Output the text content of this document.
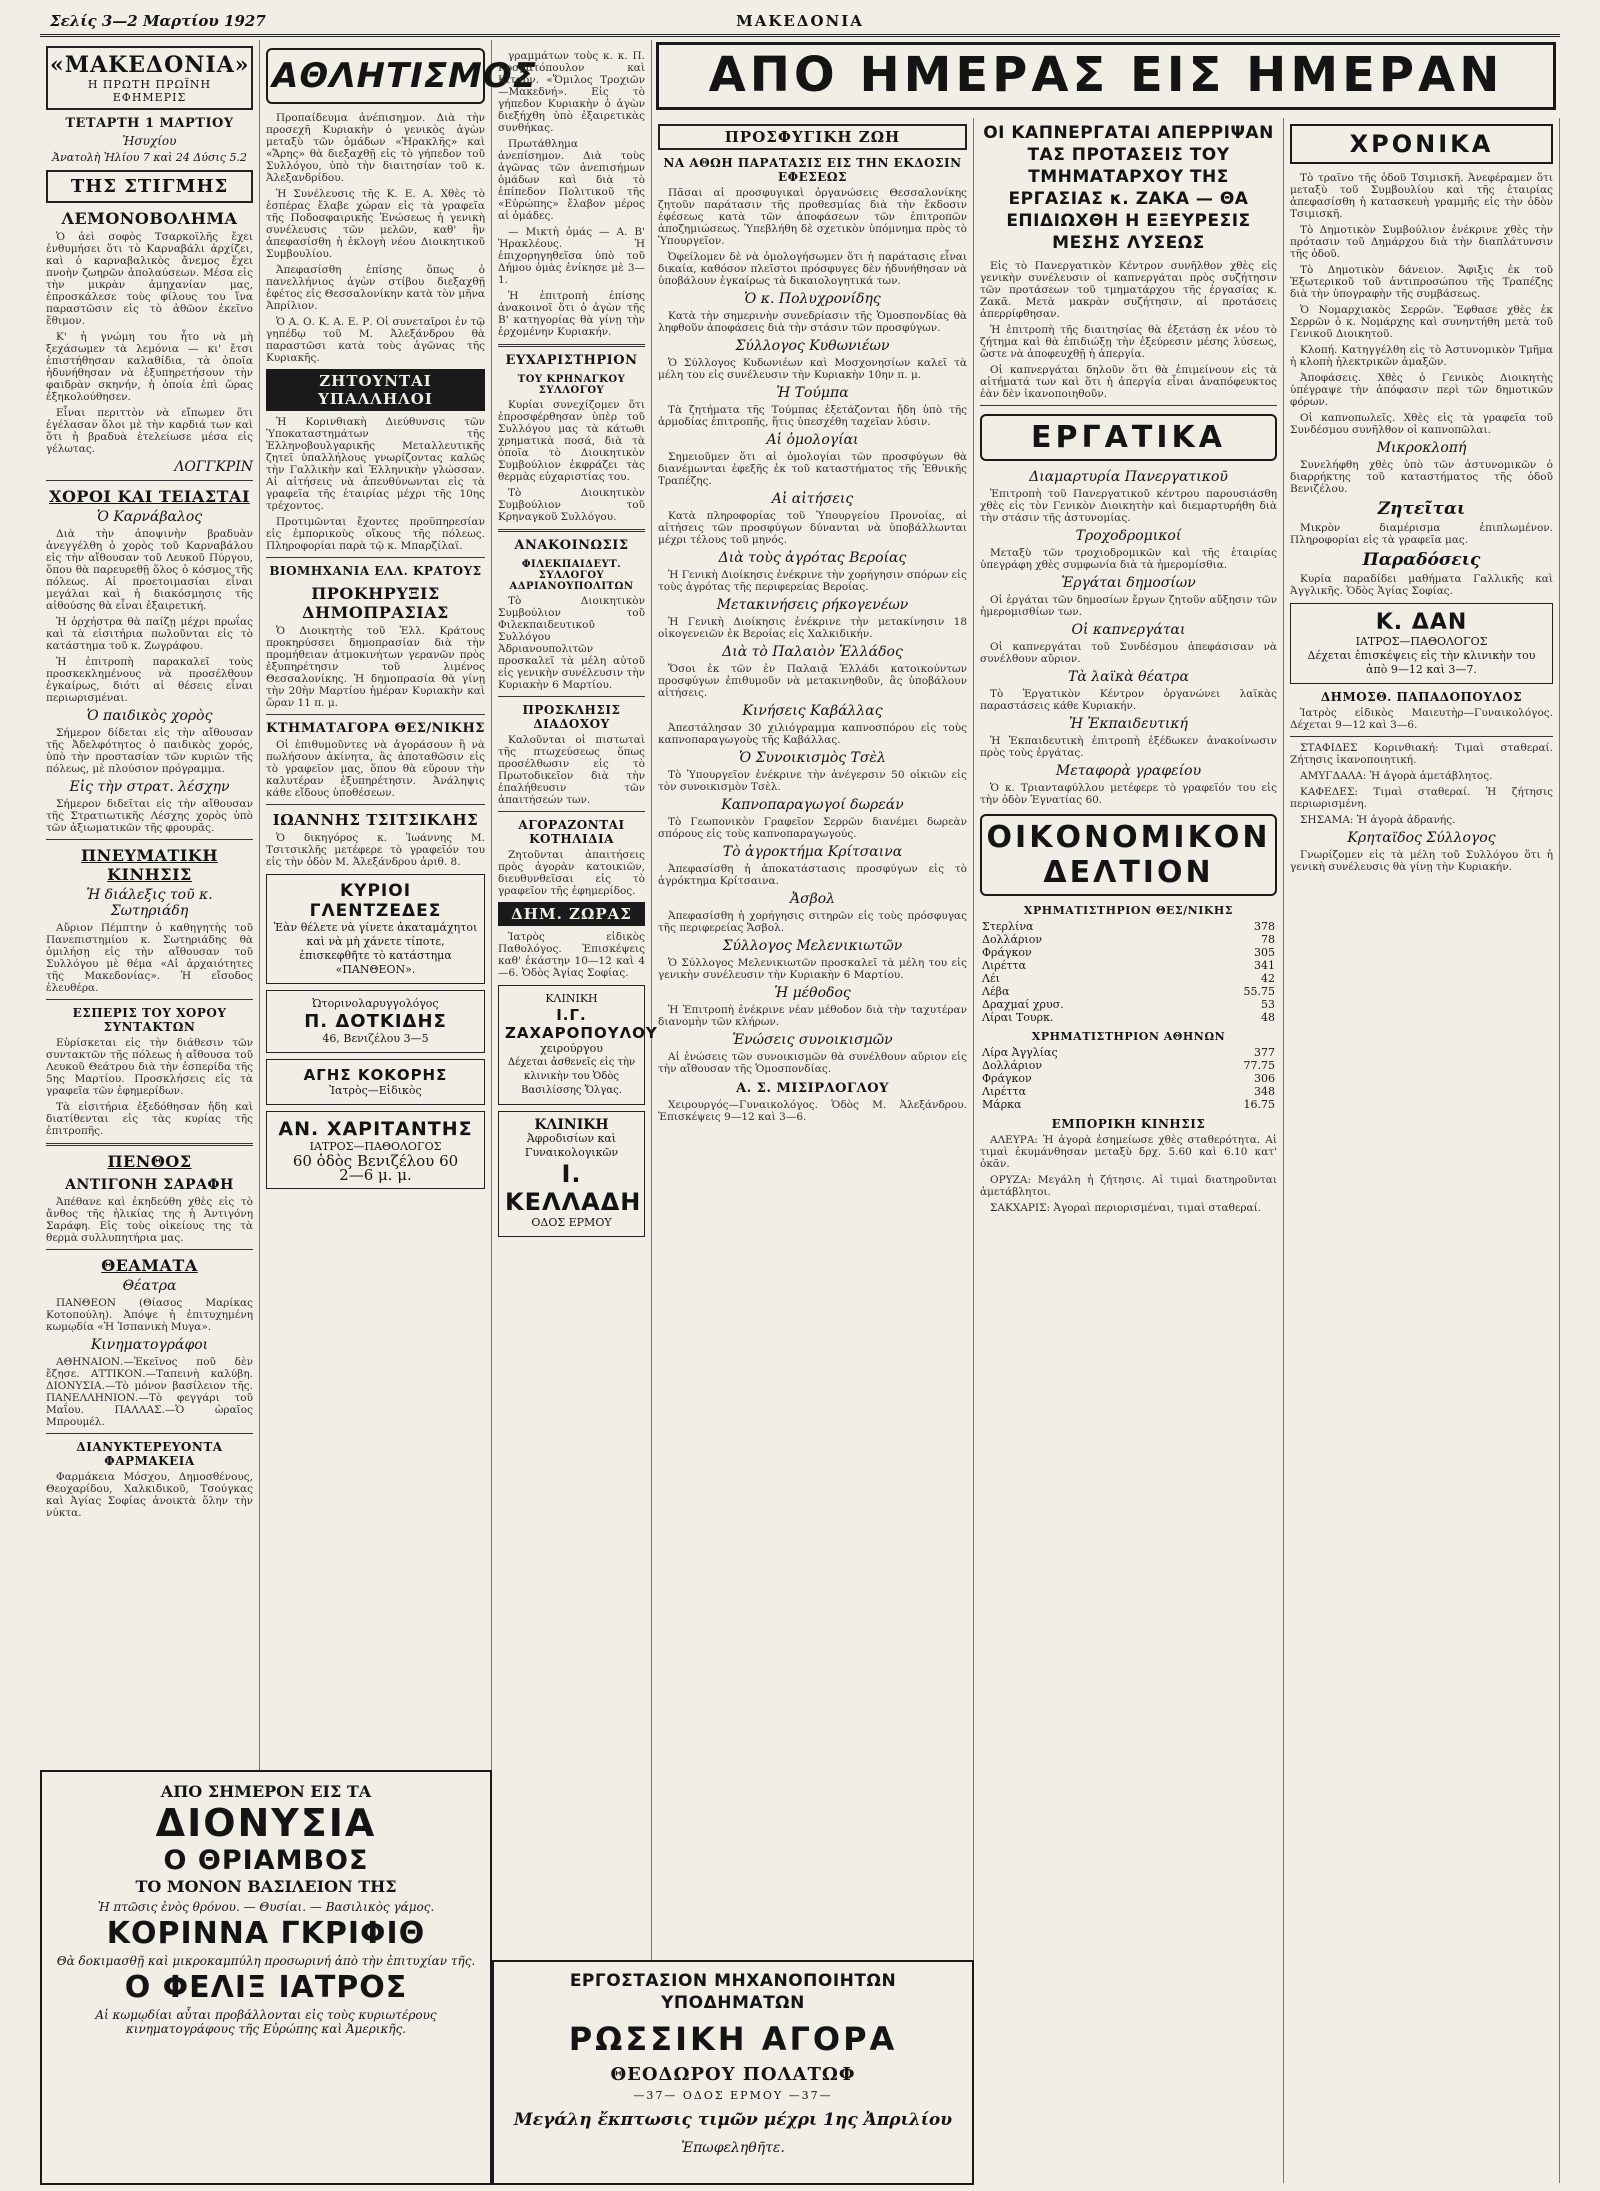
Σελίς 3—2 Μαρτίου 1927	ΜΑΚΕΔΟΝΙΑ
«ΜΑΚΕΔΟΝΙΑ»
Η ΠΡΩΤΗ ΠΡΩΪΝΗ ΕΦΗΜΕΡΙΣ
ΤΕΤΑΡΤΗ 1 ΜΑΡΤΙΟΥ
Ἡσυχίου
Ἀνατολὴ Ἡλίου 7 καὶ 24 Δύσις 5.2
ΤΗΣ ΣΤΙΓΜΗΣ
ΛΕΜΟΝΟΒΟΛΗΜΑ

Ὁ ἀεὶ σοφὸς Τσαρκοϊλῆς ἔχει ἐνθυμήσει ὅτι τὸ Καρναβάλι ἀρχίζει, καὶ ὁ καρναβαλικὸς ἄνεμος ἔχει πνοὴν ζωηρῶν ἀπολαύσεων. Μέσα εἰς τὴν μικρὰν ἀμηχανίαν μας, ἐπροσκάλεσε τοὺς φίλους του ἵνα παραστῶσιν εἰς τὸ ἀθῶον ἐκεῖνο ἔθιμον.

Κ' ἡ γνώμη του ἦτο νὰ μὴ ξεχάσωμεν τὰ λεμόνια — κι' ἔτσι ἐπιστήθησαν καλαθίδια, τὰ ὁποῖα ἠδυνήθησαν νὰ ἐξυπηρετήσουν τὴν φαιδρὰν σκηνήν, ἡ ὁποία ἐπὶ ὥρας ἐξηκολούθησεν.

Εἶναι περιττὸν νὰ εἴπωμεν ὅτι ἐγέλασαν ὅλοι μὲ τὴν καρδιά των καὶ ὅτι ἡ βραδυὰ ἐτελείωσε μέσα εἰς γέλωτας.

ΛΟΓΓΚΡΙΝ
ΧΟΡΟΙ ΚΑΙ ΤΕΙΑΣΤΑΙ
Ὁ Καρνάβαλος

Διὰ τὴν ἀποψινὴν βραδυὰν ἀνεγγέλθη ὁ χορὸς τοῦ Καρναβάλου εἰς τὴν αἴθουσαν τοῦ Λευκοῦ Πύργου, ὅπου θὰ παρευρεθῇ ὅλος ὁ κόσμος τῆς πόλεως. Αἱ προετοιμασίαι εἶναι μεγάλαι καὶ ἡ διακόσμησις τῆς αἰθούσης θὰ εἶναι ἐξαιρετική.

Ἡ ὀρχήστρα θὰ παίζῃ μέχρι πρωΐας καὶ τὰ εἰσιτήρια πωλοῦνται εἰς τὸ κατάστημα τοῦ κ. Ζωγράφου.

Ἡ ἐπιτροπὴ παρακαλεῖ τοὺς προσκεκλημένους νὰ προσέλθουν ἐγκαίρως, διότι αἱ θέσεις εἶναι περιωρισμέναι.

Ὁ παιδικὸς χορὸς

Σήμερον δίδεται εἰς τὴν αἴθουσαν τῆς Ἀδελφότητος ὁ παιδικὸς χορός, ὑπὸ τὴν προστασίαν τῶν κυριῶν τῆς πόλεως, μὲ πλούσιον πρόγραμμα.

Εἰς τὴν στρατ. λέσχην

Σήμερον διδεῖται εἰς τὴν αἴθουσαν τῆς Στρατιωτικῆς Λέσχης χορὸς ὑπὸ τῶν ἀξιωματικῶν τῆς φρουρᾶς.

ΠΝΕΥΜΑΤΙΚΗ ΚΙΝΗΣΙΣ
Ἡ διάλεξις τοῦ κ. Σωτηριάδη

Αὔριον Πέμπτην ὁ καθηγητὴς τοῦ Πανεπιστημίου κ. Σωτηριάδης θὰ ὁμιλήσῃ εἰς τὴν αἴθουσαν τοῦ Συλλόγου μὲ θέμα «Αἱ ἀρχαιότητες τῆς Μακεδονίας». Ἡ εἴσοδος ἐλευθέρα.

ΕΣΠΕΡΙΣ ΤΟΥ ΧΟΡΟΥ ΣΥΝΤΑΚΤΩΝ

Εὑρίσκεται εἰς τὴν διάθεσιν τῶν συντακτῶν τῆς πόλεως ἡ αἴθουσα τοῦ Λευκοῦ Θεάτρου διὰ τὴν ἐσπερίδα τῆς 5ης Μαρτίου. Προσκλήσεις εἰς τὰ γραφεῖα τῶν ἐφημερίδων.

Τὰ εἰσιτήρια ἐξεδόθησαν ἤδη καὶ διατίθενται εἰς τὰς κυρίας τῆς ἐπιτροπῆς.

ΠΕΝΘΟΣ
ΑΝΤΙΓΟΝΗ ΣΑΡΑΦΗ

Ἀπέθανε καὶ ἐκηδεύθη χθὲς εἰς τὸ ἄνθος τῆς ἡλικίας της ἡ Ἀντιγόνη Σαράφη. Εἰς τοὺς οἰκείους της τὰ θερμὰ συλλυπητήρια μας.

ΘΕΑΜΑΤΑ
Θέατρα

ΠΑΝΘΕΟΝ (Θίασος Μαρίκας Κοτοπούλη). Ἀπόψε ἡ ἐπιτυχημένη κωμῳδία «Ἡ Ἰσπανικὴ Μυγα».

Κινηματογράφοι

ΑΘΗΝΑΙΟΝ.—Ἐκεῖνος ποῦ δὲν ἔζησε. ΑΤΤΙΚΟΝ.—Ταπεινὴ καλύβη. ΔΙΟΝΥΣΙΑ.—Τὸ μόνον βασίλειον τῆς. ΠΑΝΕΛΛΗΝΙΟΝ.—Τὸ φεγγάρι τοῦ Μαΐου. ΠΑΛΛΑΣ.—Ὁ ὡραῖος Μπρουμέλ.

ΔΙΑΝΥΚΤΕΡΕΥΟΝΤΑ ΦΑΡΜΑΚΕΙΑ

Φαρμάκεια Μόσχου, Δημοσθένους, Θεοχαρίδου, Χαλκιδικοῦ, Τσούγκας καὶ Ἀγίας Σοφίας ἀνοικτὰ ὅλην τὴν νύκτα.

ΑΘΛΗΤΙΣΜΟΣ

Προπαίδευμα ἀνέπισημον. Διὰ τὴν προσεχῆ Κυριακὴν ὁ γενικὸς ἀγὼν μεταξὺ τῶν ὁμάδων «Ἡρακλῆς» καὶ «Ἄρης» θὰ διεξαχθῇ εἰς τὸ γήπεδον τοῦ Συλλόγου, ὑπὸ τὴν διαιτησίαν τοῦ κ. Ἀλεξανδρίδου.

Ἡ Συνέλευσις τῆς Κ. Ε. Α. Χθὲς τὸ ἑσπέρας ἔλαβε χώραν εἰς τὰ γραφεῖα τῆς Ποδοσφαιρικῆς Ἑνώσεως ἡ γενικὴ συνέλευσις τῶν μελῶν, καθ' ἣν ἀπεφασίσθη ἡ ἐκλογὴ νέου Διοικητικοῦ Συμβουλίου.

Ἀπεφασίσθη ἐπίσης ὅπως ὁ πανελλήνιος ἀγὼν στίβου διεξαχθῇ ἐφέτος εἰς Θεσσαλονίκην κατὰ τὸν μῆνα Ἀπρίλιον.

Ὁ Α. Ο. Κ. Α. Ε. Ρ. Οἱ συνεταῖροι ἐν τῷ γηπέδῳ τοῦ Μ. Ἀλεξάνδρου θὰ παραστῶσι κατὰ τοὺς ἀγῶνας τῆς Κυριακῆς.

ΖΗΤΟΥΝΤΑΙ ΥΠΑΛΛΗΛΟΙ

Ἡ Κορινθιακὴ Διεύθυνσις τῶν Ὑποκαταστημάτων τῆς Ἑλληνοβουλγαρικῆς Μεταλλευτικῆς ζητεῖ ὑπαλλήλους γνωρίζοντας καλῶς τὴν Γαλλικὴν καὶ Ἑλληνικὴν γλώσσαν. Αἱ αἰτήσεις νὰ ἀπευθύνωνται εἰς τὰ γραφεῖα τῆς ἑταιρίας μέχρι τῆς 10ης τρέχοντος.

Προτιμῶνται ἔχοντες προϋπηρεσίαν εἰς ἐμπορικοὺς οἴκους τῆς πόλεως. Πληροφορίαι παρὰ τῷ κ. Μπαρζίλαϊ.

ΒΙΟΜΗΧΑΝΙΑ ΕΛΛ. ΚΡΑΤΟΥΣ
ΠΡΟΚΗΡΥΞΙΣ ΔΗΜΟΠΡΑΣΙΑΣ

Ὁ Διοικητὴς τοῦ Ἐλλ. Κράτους προκηρύσσει δημοπρασίαν διὰ τὴν προμήθειαν ἀτμοκινήτων γερανῶν πρὸς ἐξυπηρέτησιν τοῦ λιμένος Θεσσαλονίκης. Ἡ δημοπρασία θὰ γίνῃ τὴν 20ὴν Μαρτίου ἡμέραν Κυριακὴν καὶ ὥραν 11 π. μ.

ΚΤΗΜΑΤΑΓΟΡΑ ΘΕΣ/ΝΙΚΗΣ

Οἱ ἐπιθυμοῦντες νὰ ἀγοράσουν ἢ νὰ πωλήσουν ἀκίνητα, ἂς ἀποταθῶσιν εἰς τὸ γραφεῖον μας, ὅπου θὰ εὕρουν τὴν καλυτέραν ἐξυπηρέτησιν. Ἀνάληψις κάθε εἴδους ὑποθέσεων.

ΙΩΑΝΝΗΣ ΤΣΙΤΣΙΚΛΗΣ

Ὁ δικηγόρος κ. Ἰωάννης Μ. Τσιτσικλῆς μετέφερε τὸ γραφεῖόν του εἰς τὴν ὁδὸν Μ. Ἀλεξάνδρου ἀριθ. 8.

ΚΥΡΙΟΙ ΓΛΕΝΤΖΕΔΕΣ
Ἐὰν θέλετε νὰ γίνετε ἀκαταμάχητοι καὶ νὰ μὴ χάνετε τίποτε, ἐπισκεφθῆτε τὸ κατάστημα «ΠΑΝΘΕΟΝ».
Ὠτορινολαρυγγολόγος
Π. ΔΟΤΚΙΔΗΣ
46, Βενιζέλου 3—5
ΑΓΗΣ ΚΟΚΟΡΗΣ
Ἰατρὸς—Εἰδικὸς
ΑΝ. ΧΑΡΙΤΑΝΤΗΣ
ΙΑΤΡΟΣ—ΠΑΘΟΛΟΓΟΣ
60 ὁδὸς Βενιζέλου 60
2—6 μ. μ.

γραμμάτων τοὺς κ. κ. Π. Κοσματόπουλον καὶ Κίτσον. «Ὅμιλος Τροχιῶν—Μακεδνή». Εἰς τὸ γήπεδον Κυριακὴν ὁ ἀγὼν διεξήχθη ὑπὸ ἐξαιρετικὰς συνθήκας.

Πρωτάθλημα ἀνεπίσημον. Διὰ τοὺς ἀγῶνας τῶν ἀνεπισήμων ὁμάδων καὶ διὰ τὸ ἐπίπεδον Πολιτικοῦ τῆς «Εὐρώπης» ἔλαβον μέρος αἱ ὁμάδες.

— Μικτὴ ὁμάς — Α. Β' Ἡρακλέους. Ἡ ἐπιχορηγηθεῖσα ὑπὸ τοῦ Δήμου ὁμὰς ἐνίκησε μὲ 3—1.

Ἡ ἐπιτροπὴ ἐπίσης ἀνακοινοῖ ὅτι ὁ ἀγὼν τῆς Β' κατηγορίας θὰ γίνῃ τὴν ἐρχομένην Κυριακήν.

ΕΥΧΑΡΙΣΤΗΡΙΟΝ
ΤΟΥ ΚΡΗΝΑΓΚΟΥ ΣΥΛΛΟΓΟΥ

Κυρίαι συνεχίζομεν ὅτι ἐπροσφέρθησαν ὑπὲρ τοῦ Συλλόγου μας τὰ κάτωθι χρηματικὰ ποσά, διὰ τὰ ὁποῖα τὸ Διοικητικὸν Συμβούλιον ἐκφράζει τὰς θερμὰς εὐχαριστίας του.

Τὸ Διοικητικὸν Συμβούλιον τοῦ Κρηναγκοῦ Συλλόγου.

ΑΝΑΚΟΙΝΩΣΙΣ
ΦΙΛΕΚΠΑΙΔΕΥΤ. ΣΥΛΛΟΓΟΥ ΑΔΡΙΑΝΟΥΠΟΛΙΤΩΝ

Τὸ Διοικητικὸν Συμβούλιον τοῦ Φιλεκπαιδευτικοῦ Συλλόγου Ἀδριανουπολιτῶν προσκαλεῖ τὰ μέλη αὐτοῦ εἰς γενικὴν συνέλευσιν τὴν Κυριακὴν 6 Μαρτίου.

ΠΡΟΣΚΛΗΣΙΣ ΔΙΑΔΟΧΟΥ

Καλοῦνται οἱ πιστωταὶ τῆς πτωχεύσεως ὅπως προσέλθωσιν εἰς τὸ Πρωτοδικεῖον διὰ τὴν ἐπαλήθευσιν τῶν ἀπαιτήσεών των.

ΑΓΟΡΑΖΟΝΤΑΙ ΚΟΤΗΛΙΔΙΑ

Ζητοῦνται ἀπαιτήσεις πρὸς ἀγορὰν κατοικιῶν, διευθυνθεῖσαι εἰς τὸ γραφεῖον τῆς ἐφημερίδος.

ΔΗΜ. ΖΩΡΑΣ

Ἰατρὸς εἰδικὸς Παθολόγος. Ἐπισκέψεις καθ' ἑκάστην 10—12 καὶ 4—6. Ὁδὸς Ἀγίας Σοφίας.

ΚΛΙΝΙΚΗ
Ι.Γ. ΖΑΧΑΡΟΠΟΥΛΟΥ
χειρούργου
Δέχεται ἀσθενεῖς εἰς τὴν κλινικὴν του Ὁδὸς Βασιλίσσης Ὄλγας.
ΚΛΙΝΙΚΗ
Ἀφροδισίων καὶ Γυναικολογικῶν
Ι. ΚΕΛΛΑΔΗ
ΟΔΟΣ ΕΡΜΟΥ
ΑΠΟ ΗΜΕΡΑΣ ΕΙΣ ΗΜΕΡΑΝ
ΠΡΟΣΦΥΓΙΚΗ ΖΩΗ
ΝΑ ΑΘΩΗ ΠΑΡΑΤΑΣΙΣ ΕΙΣ ΤΗΝ ΕΚΔΟΣΙΝ ΕΦΕΣΕΩΣ

Πᾶσαι αἱ προσφυγικαὶ ὀργανώσεις Θεσσαλονίκης ζητοῦν παράτασιν τῆς προθεσμίας διὰ τὴν ἔκδοσιν ἐφέσεως κατὰ τῶν ἀποφάσεων τῶν ἐπιτροπῶν ἀποζημιώσεως. Ὑπεβλήθη δὲ σχετικὸν ὑπόμνημα πρὸς τὸ Ὑπουργεῖον.

Ὀφείλομεν δὲ νὰ ὁμολογήσωμεν ὅτι ἡ παράτασις εἶναι δικαία, καθόσον πλεῖστοι πρόσφυγες δὲν ἠδυνήθησαν νὰ ὑποβάλουν ἐγκαίρως τὰ δικαιολογητικά των.

Ὁ κ. Πολυχρονίδης

Κατὰ τὴν σημερινὴν συνεδρίασιν τῆς Ὁμοσπονδίας θὰ ληφθοῦν ἀποφάσεις διὰ τὴν στάσιν τῶν προσφύγων.

Σύλλογος Κυθωνιέων

Ὁ Σύλλογος Κυδωνιέων καὶ Μοσχονησίων καλεῖ τὰ μέλη του εἰς συνέλευσιν τὴν Κυριακὴν 10ην π. μ.

Ἡ Τούμπα

Τὰ ζητήματα τῆς Τούμπας ἐξετάζονται ἤδη ὑπὸ τῆς ἁρμοδίας ἐπιτροπῆς, ἥτις ὑπεσχέθη ταχεῖαν λύσιν.

Αἱ ὁμολογίαι

Σημειοῦμεν ὅτι αἱ ὁμολογίαι τῶν προσφύγων θὰ διανέμωνται ἐφεξῆς ἐκ τοῦ καταστήματος τῆς Ἐθνικῆς Τραπέζης.

Αἱ αἰτήσεις

Κατὰ πληροφορίας τοῦ Ὑπουργείου Προνοίας, αἱ αἰτήσεις τῶν προσφύγων δύνανται νὰ ὑποβάλλωνται μέχρι τέλους τοῦ μηνός.

Διὰ τοὺς ἀγρότας Βεροίας

Ἡ Γενικὴ Διοίκησις ἐνέκρινε τὴν χορήγησιν σπόρων εἰς τοὺς ἀγρότας τῆς περιφερείας Βεροίας.

Μετακινήσεις ρήκογενέων

Ἡ Γενικὴ Διοίκησις ἐνέκρινε τὴν μετακίνησιν 18 οἰκογενειῶν ἐκ Βεροίας εἰς Χαλκιδικήν.

Διὰ τὸ Παλαιὸν Ἑλλάδος

Ὅσοι ἐκ τῶν ἐν Παλαιᾷ Ἑλλάδι κατοικούντων προσφύγων ἐπιθυμοῦν νὰ μετακινηθοῦν, ἂς ὑποβάλουν αἰτήσεις.

Κινήσεις Καβάλλας

Ἀπεστάλησαν 30 χιλιόγραμμα καπνοσπόρου εἰς τοὺς καπνοπαραγωγοὺς τῆς Καβάλλας.

Ὁ Συνοικισμὸς Τσὲλ

Τὸ Ὑπουργεῖον ἐνέκρινε τὴν ἀνέγερσιν 50 οἰκιῶν εἰς τὸν συνοικισμὸν Τσὲλ.

Καπνοπαραγωγοί δωρεάν

Τὸ Γεωπονικὸν Γραφεῖον Σερρῶν διανέμει δωρεὰν σπόρους εἰς τοὺς καπνοπαραγωγούς.

Τὸ ἀγροκτήμα Κρίτσαινα

Ἀπεφασίσθη ἡ ἀποκατάστασις προσφύγων εἰς τὸ ἀγρόκτημα Κρίτσαινα.

Ἀσβολ

Ἀπεφασίσθη ἡ χορήγησις σιτηρῶν εἰς τοὺς πρόσφυγας τῆς περιφερείας Ἄσβολ.

Σύλλογος Μελενικιωτῶν

Ὁ Σύλλογος Μελενικιωτῶν προσκαλεῖ τὰ μέλη του εἰς γενικὴν συνέλευσιν τὴν Κυριακὴν 6 Μαρτίου.

Ἡ μέθοδος

Ἡ Ἐπιτροπὴ ἐνέκρινε νέαν μέθοδον διὰ τὴν ταχυτέραν διανομὴν τῶν κλήρων.

Ἑνώσεις συνοικισμῶν

Αἱ ἑνώσεις τῶν συνοικισμῶν θὰ συνέλθουν αὔριον εἰς τὴν αἴθουσαν τῆς Ὁμοσπονδίας.

Α. Σ. ΜΙΣΙΡΛΟΓΛΟΥ

Χειρουργός—Γυναικολόγος. Ὁδὸς Μ. Ἀλεξάνδρου. Ἐπισκέψεις 9—12 καὶ 3—6.

ΟΙ ΚΑΠΝΕΡΓΑΤΑΙ ΑΠΕΡΡΙΨΑΝ ΤΑΣ ΠΡΟΤΑΣΕΙΣ ΤΟΥ ΤΜΗΜΑΤΑΡΧΟΥ ΤΗΣ ΕΡΓΑΣΙΑΣ κ. ΖΑΚΑ — ΘΑ ΕΠΙΔΙΩΧΘΗ Η ΕΞΕΥΡΕΣΙΣ ΜΕΣΗΣ ΛΥΣΕΩΣ

Εἰς τὸ Πανεργατικὸν Κέντρον συνῆλθον χθὲς εἰς γενικὴν συνέλευσιν οἱ καπνεργάται πρὸς συζήτησιν τῶν προτάσεων τοῦ τμηματάρχου τῆς ἐργασίας κ. Ζακᾶ. Μετὰ μακρὰν συζήτησιν, αἱ προτάσεις ἀπερρίφθησαν.

Ἡ ἐπιτροπὴ τῆς διαιτησίας θὰ ἐξετάσῃ ἐκ νέου τὸ ζήτημα καὶ θὰ ἐπιδιώξῃ τὴν ἐξεύρεσιν μέσης λύσεως, ὥστε νὰ ἀποφευχθῇ ἡ ἀπεργία.

Οἱ καπνεργάται δηλοῦν ὅτι θὰ ἐπιμείνουν εἰς τὰ αἰτήματά των καὶ ὅτι ἡ ἀπεργία εἶναι ἀναπόφευκτος ἐὰν δὲν ἱκανοποιηθοῦν.

ΕΡΓΑΤΙΚΑ
Διαμαρτυρία Πανεργατικοῦ

Ἐπιτροπὴ τοῦ Πανεργατικοῦ κέντρου παρουσιάσθη χθὲς εἰς τὸν Γενικὸν Διοικητὴν καὶ διεμαρτυρήθη διὰ τὴν στάσιν τῆς ἀστυνομίας.

Τροχοδρομικοί

Μεταξὺ τῶν τροχιοδρομικῶν καὶ τῆς ἑταιρίας ὑπεγράφη χθὲς συμφωνία διὰ τὰ ἡμερομίσθια.

Ἐργάται δημοσίων

Οἱ ἐργάται τῶν δημοσίων ἔργων ζητοῦν αὔξησιν τῶν ἡμερομισθίων των.

Οἱ καπνεργάται

Οἱ καπνεργάται τοῦ Συνδέσμου ἀπεφάσισαν νὰ συνέλθουν αὔριον.

Τὰ λαϊκὰ θέατρα

Τὸ Ἐργατικὸν Κέντρον ὀργανώνει λαϊκὰς παραστάσεις κάθε Κυριακήν.

Ἡ Ἐκπαιδευτική

Ἡ Ἐκπαιδευτικὴ ἐπιτροπὴ ἐξέδωκεν ἀνακοίνωσιν πρὸς τοὺς ἐργάτας.

Μεταφορὰ γραφείου

Ὁ κ. Τριανταφύλλου μετέφερε τὸ γραφεῖόν του εἰς τὴν ὁδὸν Ἐγνατίας 60.

ΟΙΚΟΝΟΜΙΚΟΝ ΔΕΛΤΙΟΝ
ΧΡΗΜΑΤΙΣΤΗΡΙΟΝ ΘΕΣ/ΝΙΚΗΣ
Στερλίνα	378
Δολλάριον	78
Φράγκον	305
Λιρέττα	341
Λέι	42
Λέβα	55.75
Δραχμαί χρυσ.	53
Λίραι Τουρκ.	48
ΧΡΗΜΑΤΙΣΤΗΡΙΟΝ ΑΘΗΝΩΝ
Λίρα Ἀγγλίας	377
Δολλάριον	77.75
Φράγκον	306
Λιρέττα	348
Μάρκα	16.75
ΕΜΠΟΡΙΚΗ ΚΙΝΗΣΙΣ

ΑΛΕΥΡΑ: Ἡ ἀγορὰ ἐσημείωσε χθὲς σταθερότητα. Αἱ τιμαὶ ἐκυμάνθησαν μεταξὺ δρχ. 5.60 καὶ 6.10 κατ' ὀκᾶν.

ΟΡΥΖΑ: Μεγάλη ἡ ζήτησις. Αἱ τιμαὶ διατηροῦνται ἀμετάβλητοι.

ΣΑΚΧΑΡΙΣ: Ἀγοραὶ περιορισμέναι, τιμαὶ σταθεραί.

ΧΡΟΝΙΚΑ

Τὸ τραῖνο τῆς ὁδοῦ Τσιμισκῆ. Ἀνεφέραμεν ὅτι μεταξὺ τοῦ Συμβουλίου καὶ τῆς ἑταιρίας ἀπεφασίσθη ἡ κατασκευὴ γραμμῆς εἰς τὴν ὁδὸν Τσιμισκῆ.

Τὸ Δημοτικὸν Συμβούλιον ἐνέκρινε χθὲς τὴν πρότασιν τοῦ Δημάρχου διὰ τὴν διαπλάτυνσιν τῆς ὁδοῦ.

Τὸ Δημοτικὸν δάνειον. Ἄφιξις ἐκ τοῦ Ἐξωτερικοῦ τοῦ ἀντιπροσώπου τῆς Τραπέζης διὰ τὴν ὑπογραφὴν τῆς συμβάσεως.

Ὁ Νομαρχιακὸς Σερρῶν. Ἔφθασε χθὲς ἐκ Σερρῶν ὁ κ. Νομάρχης καὶ συνηντήθη μετὰ τοῦ Γενικοῦ Διοικητοῦ.

Κλοπή. Κατηγγέλθη εἰς τὸ Ἀστυνομικὸν Τμῆμα ἡ κλοπὴ ἠλεκτρικῶν ἀμαξῶν.

Ἀποφάσεις. Χθὲς ὁ Γενικὸς Διοικητὴς ὑπέγραψε τὴν ἀπόφασιν περὶ τῶν δημοτικῶν φόρων.

Οἱ καπνοπωλεῖς. Χθὲς εἰς τὰ γραφεῖα τοῦ Συνδέσμου συνῆλθον οἱ καπνοπῶλαι.

Μικροκλοπή

Συνελήφθη χθὲς ὑπὸ τῶν ἀστυνομικῶν ὁ διαρρήκτης τοῦ καταστήματος τῆς ὁδοῦ Βενιζέλου.

Ζητεῖται

Μικρὸν διαμέρισμα ἐπιπλωμένον. Πληροφορίαι εἰς τὰ γραφεῖα μας.

Παραδόσεις

Κυρία παραδίδει μαθήματα Γαλλικῆς καὶ Ἀγγλικῆς. Ὁδὸς Ἁγίας Σοφίας.

Κ. ΔΑΝ
ΙΑΤΡΟΣ—ΠΑΘΟΛΟΓΟΣ
Δέχεται ἐπισκέψεις εἰς τὴν κλινικὴν του ἀπὸ 9—12 καὶ 3—7.
ΔΗΜΟΣΘ. ΠΑΠΑΔΟΠΟΥΛΟΣ

Ἰατρὸς εἰδικὸς Μαιευτὴρ—Γυναικολόγος. Δέχεται 9—12 καὶ 3—6.

ΣΤΑΦΙΔΕΣ Κορινθιακή: Τιμαὶ σταθεραί. Ζήτησις ἱκανοποιητική.

ΑΜΥΓΔΑΛΑ: Ἡ ἀγορὰ ἀμετάβλητος.

ΚΑΦΕΔΕΣ: Τιμαὶ σταθεραί. Ἡ ζήτησις περιωρισμένη.

ΣΗΣΑΜΑ: Ἡ ἀγορὰ ἀδρανής.

Κρηταϊδος Σύλλογος

Γνωρίζομεν εἰς τὰ μέλη τοῦ Συλλόγου ὅτι ἡ γενικὴ συνέλευσις θὰ γίνῃ τὴν Κυριακήν.

ΑΠΟ ΣΗΜΕΡΟΝ ΕΙΣ ΤΑ
ΔΙΟΝΥΣΙΑ
Ο ΘΡΙΑΜΒΟΣ
ΤΟ ΜΟΝΟΝ ΒΑΣΙΛΕΙΟΝ ΤΗΣ
Ἡ πτῶσις ἑνὸς θρόνου. — Θυσίαι. — Βασιλικὸς γάμος.
ΚΟΡΙΝΝΑ ΓΚΡΙΦΙΘ
Θὰ δοκιμασθῇ καὶ μικροκαμπύλη προσωρινή ἀπὸ τὴν ἐπιτυχίαν τῆς.
Ο ΦΕΛΙΞ ΙΑΤΡΟΣ
Αἱ κωμῳδίαι αὗται προβάλλονται εἰς τοὺς κυριωτέρους κινηματογράφους τῆς Εὐρώπης καὶ Ἀμερικῆς.
ΕΡΓΟΣΤΑΣΙΟΝ ΜΗΧΑΝΟΠΟΙΗΤΩΝ ΥΠΟΔΗΜΑΤΩΝ
ΡΩΣΣΙΚΗ ΑΓΟΡΑ
ΘΕΟΔΩΡΟΥ ΠΟΛΑΤΩΦ
—37— ΟΔΟΣ ΕΡΜΟΥ —37—
Μεγάλη ἔκπτωσις τιμῶν μέχρι 1ης Ἀπριλίου
Ἐπωφεληθῆτε.
